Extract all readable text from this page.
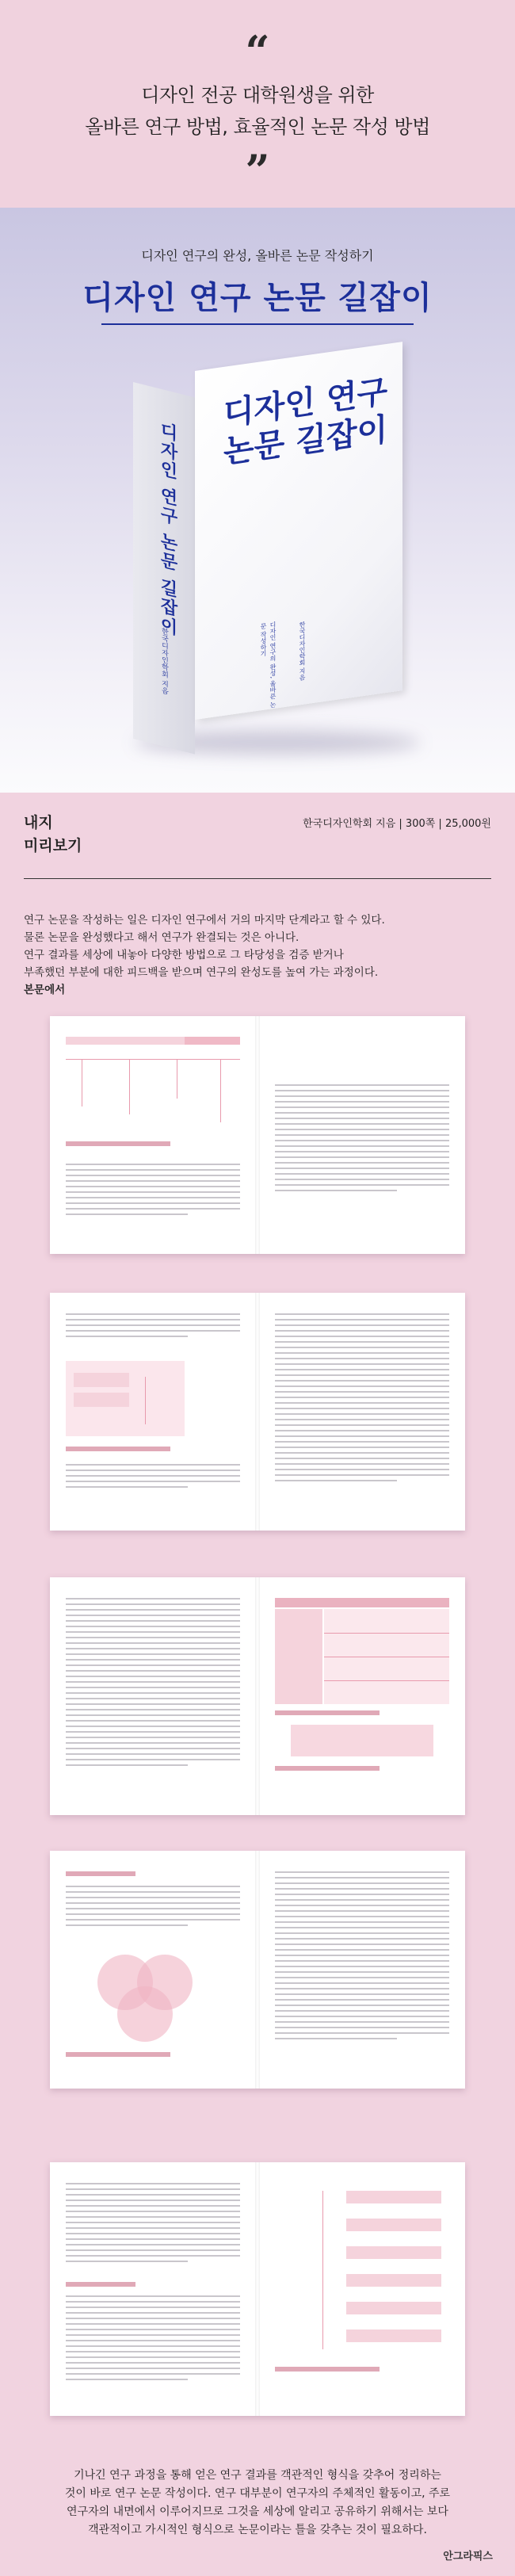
“
디자인 전공 대학원생을 위한
올바른 연구 방법, 효율적인 논문 작성 방법
”
디자인 연구의 완성, 올바른 논문 작성하기
디자인 연구 논문 길잡이
디자인 연구 논문 길잡이
한국디자인학회 지음
디자인 연구 논문 길잡이
디자인 연구의 완성, 올바른 논문 작성하기	한국디자인학회 지음
내지
미리보기
한국디자인학회 지음 | 300쪽 | 25,000원

연구 논문을 작성하는 일은 디자인 연구에서 거의 마지막 단계라고 할 수 있다.

물론 논문을 완성했다고 해서 연구가 완결되는 것은 아니다.

연구 결과를 세상에 내놓아 다양한 방법으로 그 타당성을 검증 받거나

부족했던 부분에 대한 피드백을 받으며 연구의 완성도를 높여 가는 과정이다.

본문에서

기나긴 연구 과정을 통해 얻은 연구 결과를 객관적인 형식을 갖추어 정리하는

것이 바로 연구 논문 작성이다. 연구 대부분이 연구자의 주체적인 활동이고, 주로

연구자의 내면에서 이루어지므로 그것을 세상에 알리고 공유하기 위해서는 보다

객관적이고 가시적인 형식으로 논문이라는 틀을 갖추는 것이 필요하다.

안그라픽스
